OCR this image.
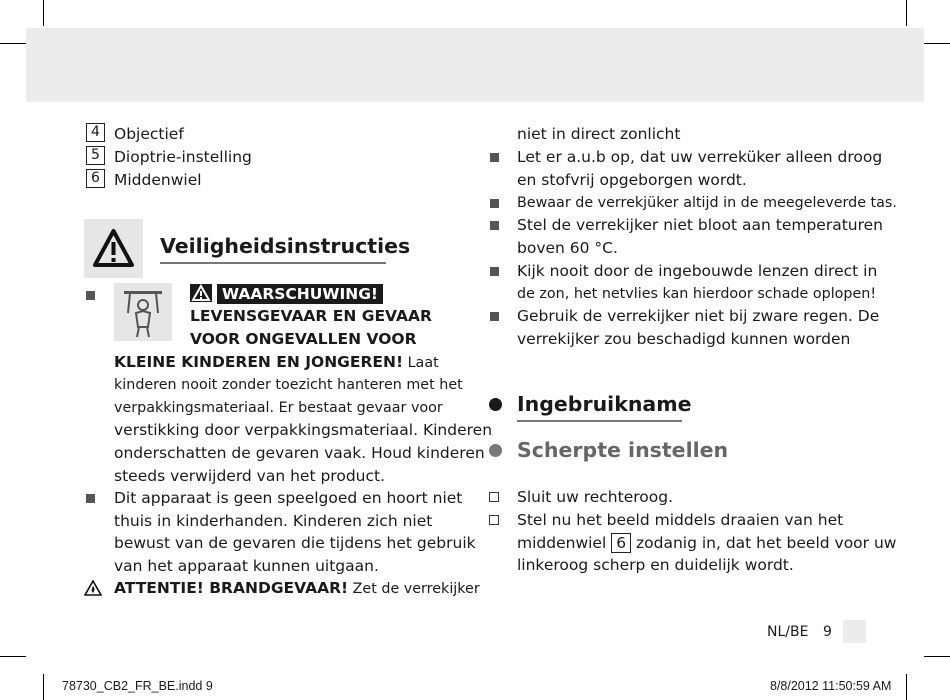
4 Objectief
5 Dioptrie-instelling
6 Middenwiel
Veiligheidsinstructies
WAARSCHUWING!
LEVENSGEVAAR EN GEVAAR
VOOR ONGEVALLEN VOOR
KLEINE KINDEREN EN JONGEREN! Laat
kinderen nooit zonder toezicht hanteren met het
verpakkingsmateriaal. Er bestaat gevaar voor
verstikking door verpakkingsmateriaal. Kinderen
onderschatten de gevaren vaak. Houd kinderen
steeds verwijderd van het product.
Dit apparaat is geen speelgoed en hoort niet
thuis in kinderhanden. Kinderen zich niet
bewust van de gevaren die tijdens het gebruik
van het apparaat kunnen uitgaan.
ATTENTIE! BRANDGEVAAR! Zet de verrekijker
niet in direct zonlicht
Let er a.u.b op, dat uw verreküker alleen droog
en stofvrij opgeborgen wordt.
Bewaar de verrekjüker altijd in de meegeleverde tas.
Stel de verrekijker niet bloot aan temperaturen
boven 60 °C.
Kijk nooit door de ingebouwde lenzen direct in
de zon, het netvlies kan hierdoor schade oplopen!
Gebruik de verrekijker niet bij zware regen. De
verrekijker zou beschadigd kunnen worden
Ingebruikname
Scherpte instellen
Sluit uw rechteroog.
Stel nu het beeld middels draaien van het
middenwiel 6 zodanig in, dat het beeld voor uw
linkeroog scherp en duidelijk wordt.
NL/BE 9
78730_CB2_FR_BE.indd 9	8/8/2012 11:50:59 AM
